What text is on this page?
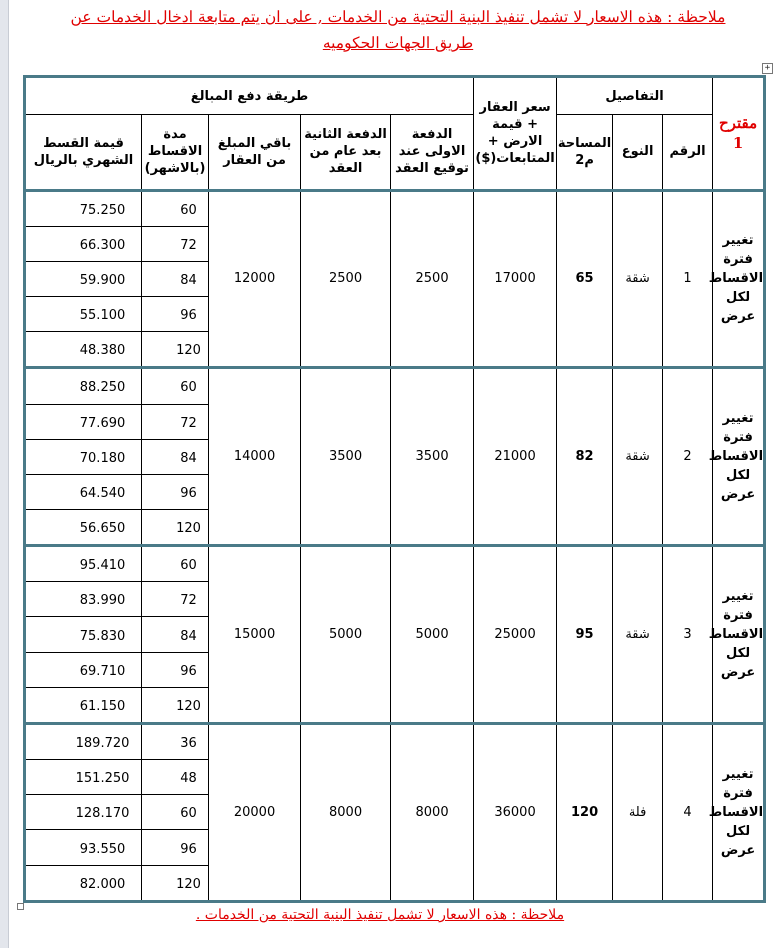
ملاحظة : هذه الاسعار لا تشمل تنفيذ البنية التحتية من الخدمات , على ان يتم متابعة ادخال الخدمات عن طريق الجهات الحكوميه
+
مقترح 1	التفاصيل			سعر العقار + قيمة الارض + المتابعات($)	طريقة دفع المبالغ				
	الرقم	النوع	المساحة م2		الدفعة الاولى عند توقيع العقد	الدفعة الثانية بعد عام من العقد	باقي المبلغ من العقار	مدة الاقساط (بالاشهر)	قيمة القسط الشهري بالريال
تغيير فترة الاقساط لكل عرض	1	شقة	65	17000	2500	2500	12000	60	75.250

								72	66.300

								84	59.900

								96	55.100

								120	48.380

تغيير فترة الاقساط لكل عرض	2	شقة	82	21000	3500	3500	14000	60	88.250

								72	77.690

								84	70.180

								96	64.540

								120	56.650

تغيير فترة الاقساط لكل عرض	3	شقة	95	25000	5000	5000	15000	60	95.410

								72	83.990

								84	75.830

								96	69.710

								120	61.150

تغيير فترة الاقساط لكل عرض	4	فلة	120	36000	8000	8000	20000	36	189.720

								48	151.250

								60	128.170

								96	93.550

								120	82.000
ملاحظة : هذه الاسعار لا تشمل تنفيذ البنية التحتية من الخدمات .
